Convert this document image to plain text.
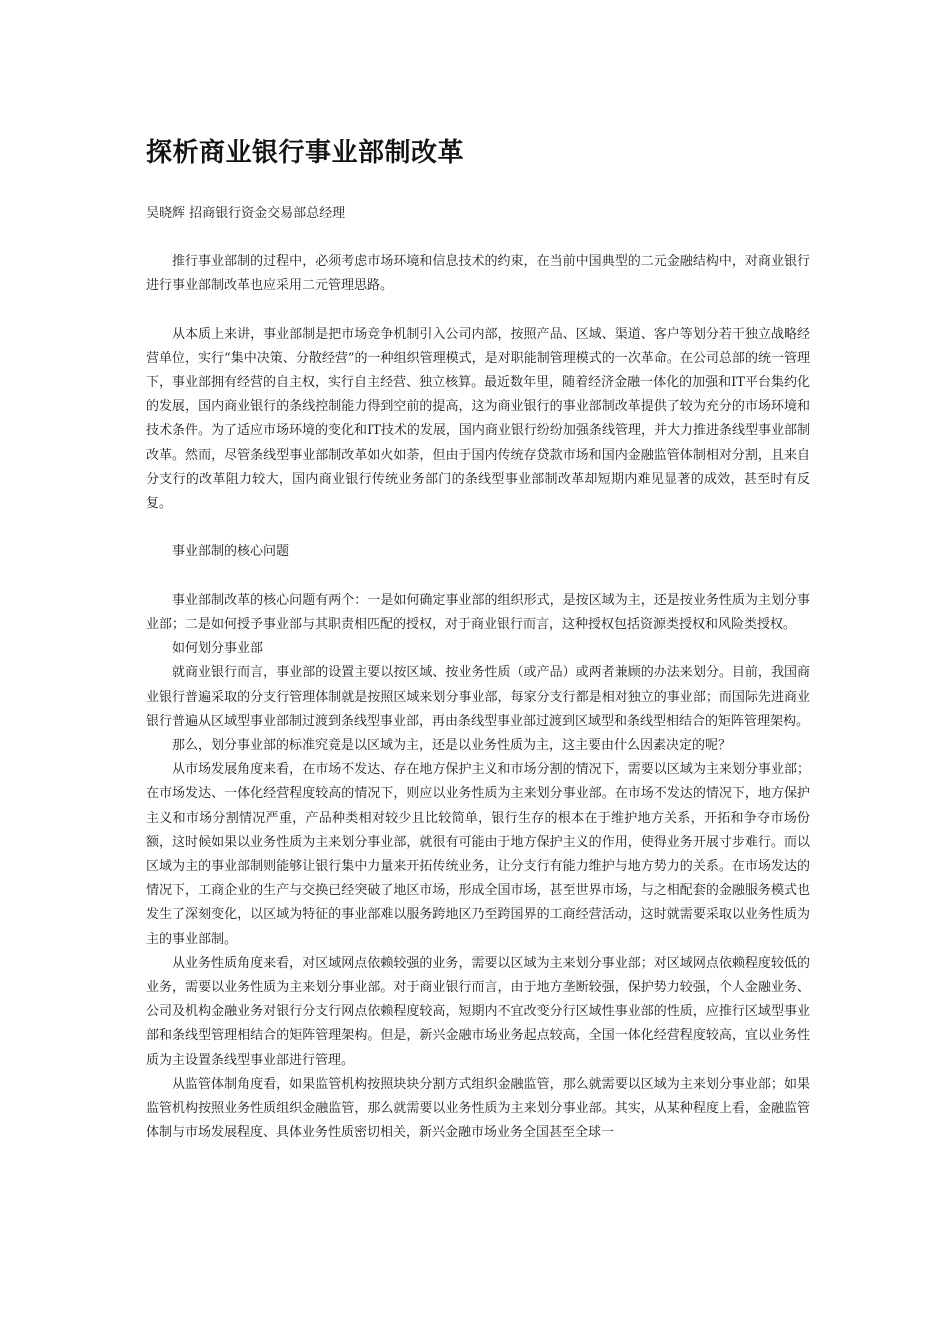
探析商业银行事业部制改革

吴晓辉 招商银行资金交易部总经理

推行事业部制的过程中，必须考虑市场环境和信息技术的约束，在当前中国典型的二元金融结构中，对商业银行进行事业部制改革也应采用二元管理思路。

从本质上来讲，事业部制是把市场竞争机制引入公司内部，按照产品、区域、渠道、客户等划分若干独立战略经营单位，实行“集中决策、分散经营”的一种组织管理模式，是对职能制管理模式的一次革命。在公司总部的统一管理下，事业部拥有经营的自主权，实行自主经营、独立核算。最近数年里，随着经济金融一体化的加强和IT平台集约化的发展，国内商业银行的条线控制能力得到空前的提高，这为商业银行的事业部制改革提供了较为充分的市场环境和技术条件。为了适应市场环境的变化和IT技术的发展，国内商业银行纷纷加强条线管理，并大力推进条线型事业部制改革。然而，尽管条线型事业部制改革如火如荼，但由于国内传统存贷款市场和国内金融监管体制相对分割，且来自分支行的改革阻力较大，国内商业银行传统业务部门的条线型事业部制改革却短期内难见显著的成效，甚至时有反复。

事业部制的核心问题

事业部制改革的核心问题有两个：一是如何确定事业部的组织形式，是按区域为主，还是按业务性质为主划分事业部；二是如何授予事业部与其职责相匹配的授权，对于商业银行而言，这种授权包括资源类授权和风险类授权。

如何划分事业部

就商业银行而言，事业部的设置主要以按区域、按业务性质（或产品）或两者兼顾的办法来划分。目前，我国商业银行普遍采取的分支行管理体制就是按照区域来划分事业部，每家分支行都是相对独立的事业部；而国际先进商业银行普遍从区域型事业部制过渡到条线型事业部，再由条线型事业部过渡到区域型和条线型相结合的矩阵管理架构。

那么，划分事业部的标准究竟是以区域为主，还是以业务性质为主，这主要由什么因素决定的呢？

从市场发展角度来看，在市场不发达、存在地方保护主义和市场分割的情况下，需要以区域为主来划分事业部；在市场发达、一体化经营程度较高的情况下，则应以业务性质为主来划分事业部。在市场不发达的情况下，地方保护主义和市场分割情况严重，产品种类相对较少且比较简单，银行生存的根本在于维护地方关系，开拓和争夺市场份额，这时候如果以业务性质为主来划分事业部，就很有可能由于地方保护主义的作用，使得业务开展寸步难行。而以区域为主的事业部制则能够让银行集中力量来开拓传统业务，让分支行有能力维护与地方势力的关系。在市场发达的情况下，工商企业的生产与交换已经突破了地区市场，形成全国市场，甚至世界市场，与之相配套的金融服务模式也发生了深刻变化，以区域为特征的事业部难以服务跨地区乃至跨国界的工商经营活动，这时就需要采取以业务性质为主的事业部制。

从业务性质角度来看，对区域网点依赖较强的业务，需要以区域为主来划分事业部；对区域网点依赖程度较低的业务，需要以业务性质为主来划分事业部。对于商业银行而言，由于地方垄断较强，保护势力较强，个人金融业务、公司及机构金融业务对银行分支行网点依赖程度较高，短期内不宜改变分行区域性事业部的性质，应推行区域型事业部和条线型管理相结合的矩阵管理架构。但是，新兴金融市场业务起点较高，全国一体化经营程度较高，宜以业务性质为主设置条线型事业部进行管理。

从监管体制角度看，如果监管机构按照块块分割方式组织金融监管，那么就需要以区域为主来划分事业部；如果监管机构按照业务性质组织金融监管，那么就需要以业务性质为主来划分事业部。其实，从某种程度上看，金融监管体制与市场发展程度、具体业务性质密切相关，新兴金融市场业务全国甚至全球一
